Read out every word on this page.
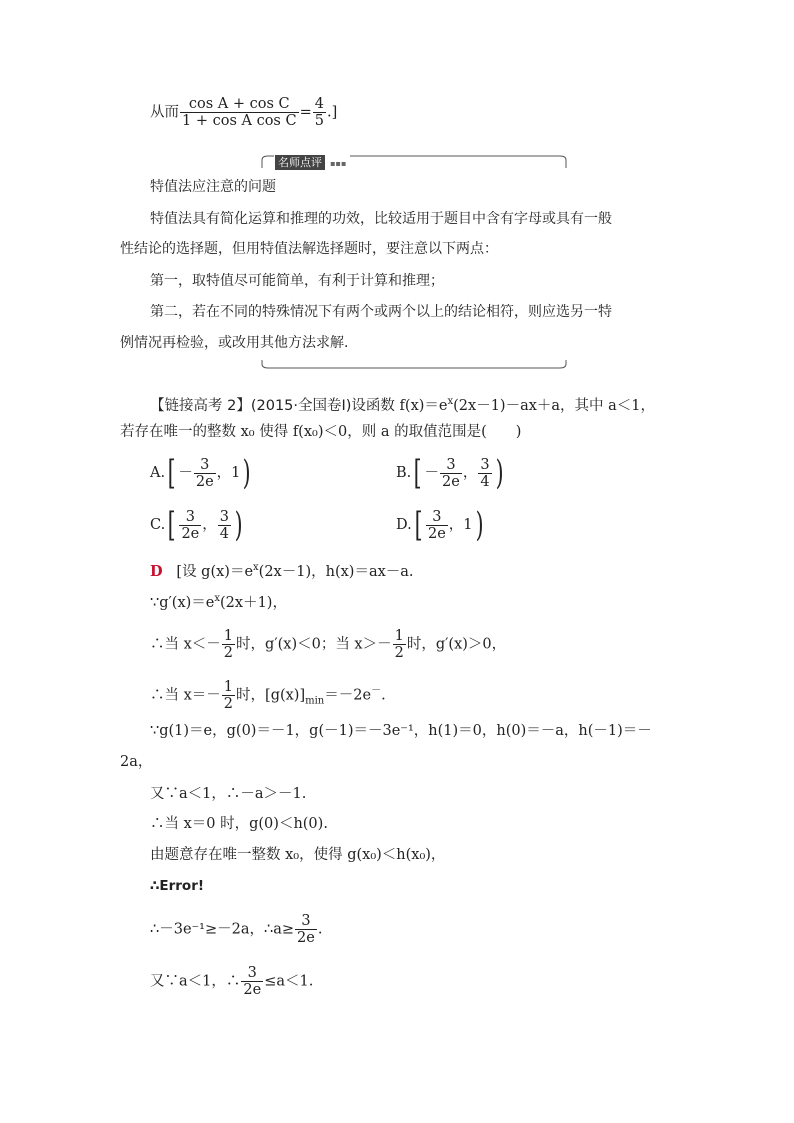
从而 $\frac{\text{cos A + cos C}}{\text{1 + cos A cos C}} = \frac{4}{5}$ .]
名师点评 ▪▪▪
特值法应注意的问题
特值法具有简化运算和推理的功效，比较适用于题目中含有字母或具有一般
性结论的选择题，但用特值法解选择题时，要注意以下两点：
第一，取特值尽可能简单，有利于计算和推理；
第二，若在不同的特殊情况下有两个或两个以上的结论相符，则应选另一特
例情况再检验，或改用其他方法求解.
【链接高考 2】(2015·全国卷Ⅰ)设函数 $f(x)=e^x(2x-1)-ax+a$，其中 a＜1，
若存在唯一的整数 x₀ 使得 f(x₀)＜0，则 a 的取值范围是(　　)
$A.[ - \frac{3}{2e}$ ，1)	$B.[ - \frac{3}{2e}$ ， $\frac{3}{4}$ )
$C.[ \frac{3}{2e}$ ， $\frac{3}{4}$ )	$D.[ \frac{3}{2e}$ ，1)
D [设 $g(x)=e^x(2x-1)$，h(x)＝ax－a.
$\because g'(x)=e^x(2x+1)$，
∴当 $x<- \frac{1}{2}$ 时，g′(x)＜0；当 $x>- \frac{1}{2}$ 时，g′(x)＞0，
∴当 $x=- \frac{1}{2}$ 时，$[g(x)]_{min}=-2e^-$.
∵g(1)＝e，g(0)＝－1，g(－1)＝－3e⁻¹，h(1)＝0，h(0)＝－a，h(－1)＝－
2a，
又∵a＜1，∴－a＞－1.
∴当 x＝0 时，g(0)＜h(0).
由题意存在唯一整数 x₀，使得 g(x₀)＜h(x₀)，
∴Error!
∴－3e⁻¹≥－2a，∴a≥ $\frac{3}{2e}$ .
又∵a＜1，∴ $\frac{3}{2e} \le a<1$.
